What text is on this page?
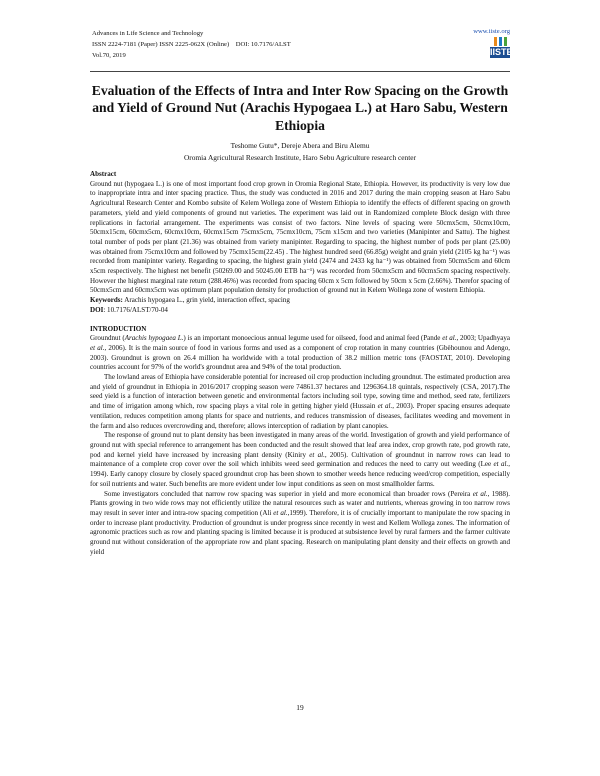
Advances in Life Science and Technology
ISSN 2224-7181 (Paper) ISSN 2225-062X (Online) DOI: 10.7176/ALST
Vol.70, 2019
www.iiste.org
IISTE
Evaluation of the Effects of Intra and Inter Row Spacing on the Growth and Yield of Ground Nut (Arachis Hypogaea L.) at Haro Sabu, Western Ethiopia
Teshome Gutu*, Dereje Abera and Biru Alemu
Oromia Agricultural Research Institute, Haro Sebu Agriculture research center

Abstract

Ground nut (hypogaea L.) is one of most important food crop grown in Oromia Regional State, Ethiopia. However, its productivity is very low due to inappropriate intra and inter spacing practice. Thus, the study was conducted in 2016 and 2017 during the main cropping season at Haro Sabu Agricultural Research Center and Kombo subsite of Kelem Wollega zone of Western Ethiopia to identify the effects of different spacing on growth parameters, yield and yield components of ground nut varieties. The experiment was laid out in Randomized complete Block design with three replications in factorial arrangement. The experiments was consist of two factors. Nine levels of spacing were 50cmx5cm, 50cmx10cm, 50cmx15cm, 60cmx5cm, 60cmx10cm, 60cmx15cm 75cmx5cm, 75cmx10cm, 75cm x15cm and two varieties (Manipinter and Sattu). The highest total number of pods per plant (21.36) was obtained from variety manipinter. Regarding to spacing, the highest number of pods per plant (25.00) was obtained from 75cmx10cm and followed by 75cmx15cm(22.45) . The highest hundred seed (66.85g) weight and grain yield (2105 kg ha⁻¹) was recorded from manipinter variety. Regarding to spacing, the highest grain yield (2474 and 2433 kg ha⁻¹) was obtained from 50cmx5cm and 60cm x5cm respectively. The highest net benefit (50269.00 and 50245.00 ETB ha⁻¹) was recorded from 50cmx5cm and 60cmx5cm spacing respectively. However the highest marginal rate return (288.46%) was recorded from spacing 60cm x 5cm followed by 50cm x 5cm (2.66%). Therefor spacing of 50cmx5cm and 60cmx5cm was optimum plant population density for production of ground nut in Kelem Wollega zone of western Ethiopia.

Keywords: Arachis hypogaea L., grin yield, interaction effect, spacing

DOI: 10.7176/ALST/70-04

INTRODUCTION

Groundnut (Arachis hypogaea L.) is an important monoecious annual legume used for oilseed, food and animal feed (Pande et al., 2003; Upadhyaya et al., 2006). It is the main source of food in various forms and used as a component of crop rotation in many countries (Gbèhounou and Adengo, 2003). Groundnut is grown on 26.4 million ha worldwide with a total production of 38.2 million metric tons (FAOSTAT, 2010). Developing countries account for 97% of the world's groundnut area and 94% of the total production.

The lowland areas of Ethiopia have considerable potential for increased oil crop production including groundnut. The estimated production area and yield of groundnut in Ethiopia in 2016/2017 cropping season were 74861.37 hectares and 1296364.18 quintals, respectively (CSA, 2017).The seed yield is a function of interaction between genetic and environmental factors including soil type, sowing time and method, seed rate, fertilizers and time of irrigation among which, row spacing plays a vital role in getting higher yield (Hussain et al., 2003). Proper spacing ensures adequate ventilation, reduces competition among plants for space and nutrients, and reduces transmission of diseases, facilitates weeding and movement in the farm and also reduces overcrowding and, therefore; allows interception of radiation by plant canopies.

The response of ground nut to plant density has been investigated in many areas of the world. Investigation of growth and yield performance of ground nut with special reference to arrangement has been conducted and the result showed that leaf area index, crop growth rate, pod growth rate, pod and kernel yield have increased by increasing plant density (Kiniry et al., 2005). Cultivation of groundnut in narrow rows can lead to maintenance of a complete crop cover over the soil which inhibits weed seed germination and reduces the need to carry out weeding (Lee et al., 1994). Early canopy closure by closely spaced groundnut crop has been shown to smother weeds hence reducing weed/crop competition, especially for soil nutrients and water. Such benefits are more evident under low input conditions as seen on most smallholder farms.

Some investigators concluded that narrow row spacing was superior in yield and more economical than broader rows (Pereira et al., 1988). Plants growing in two wide rows may not efficiently utilize the natural resources such as water and nutrients, whereas growing in too narrow rows may result in sever inter and intra-row spacing competition (Ali et al.,1999). Therefore, it is of crucially important to manipulate the row spacing in order to increase plant productivity. Production of groundnut is under progress since recently in west and Kellem Wollega zones. The information of agronomic practices such as row and planting spacing is limited because it is produced at subsistence level by rural farmers and the farmer cultivate ground nut without consideration of the appropriate row and plant spacing. Research on manipulating plant density and their effects on growth and yield

19
